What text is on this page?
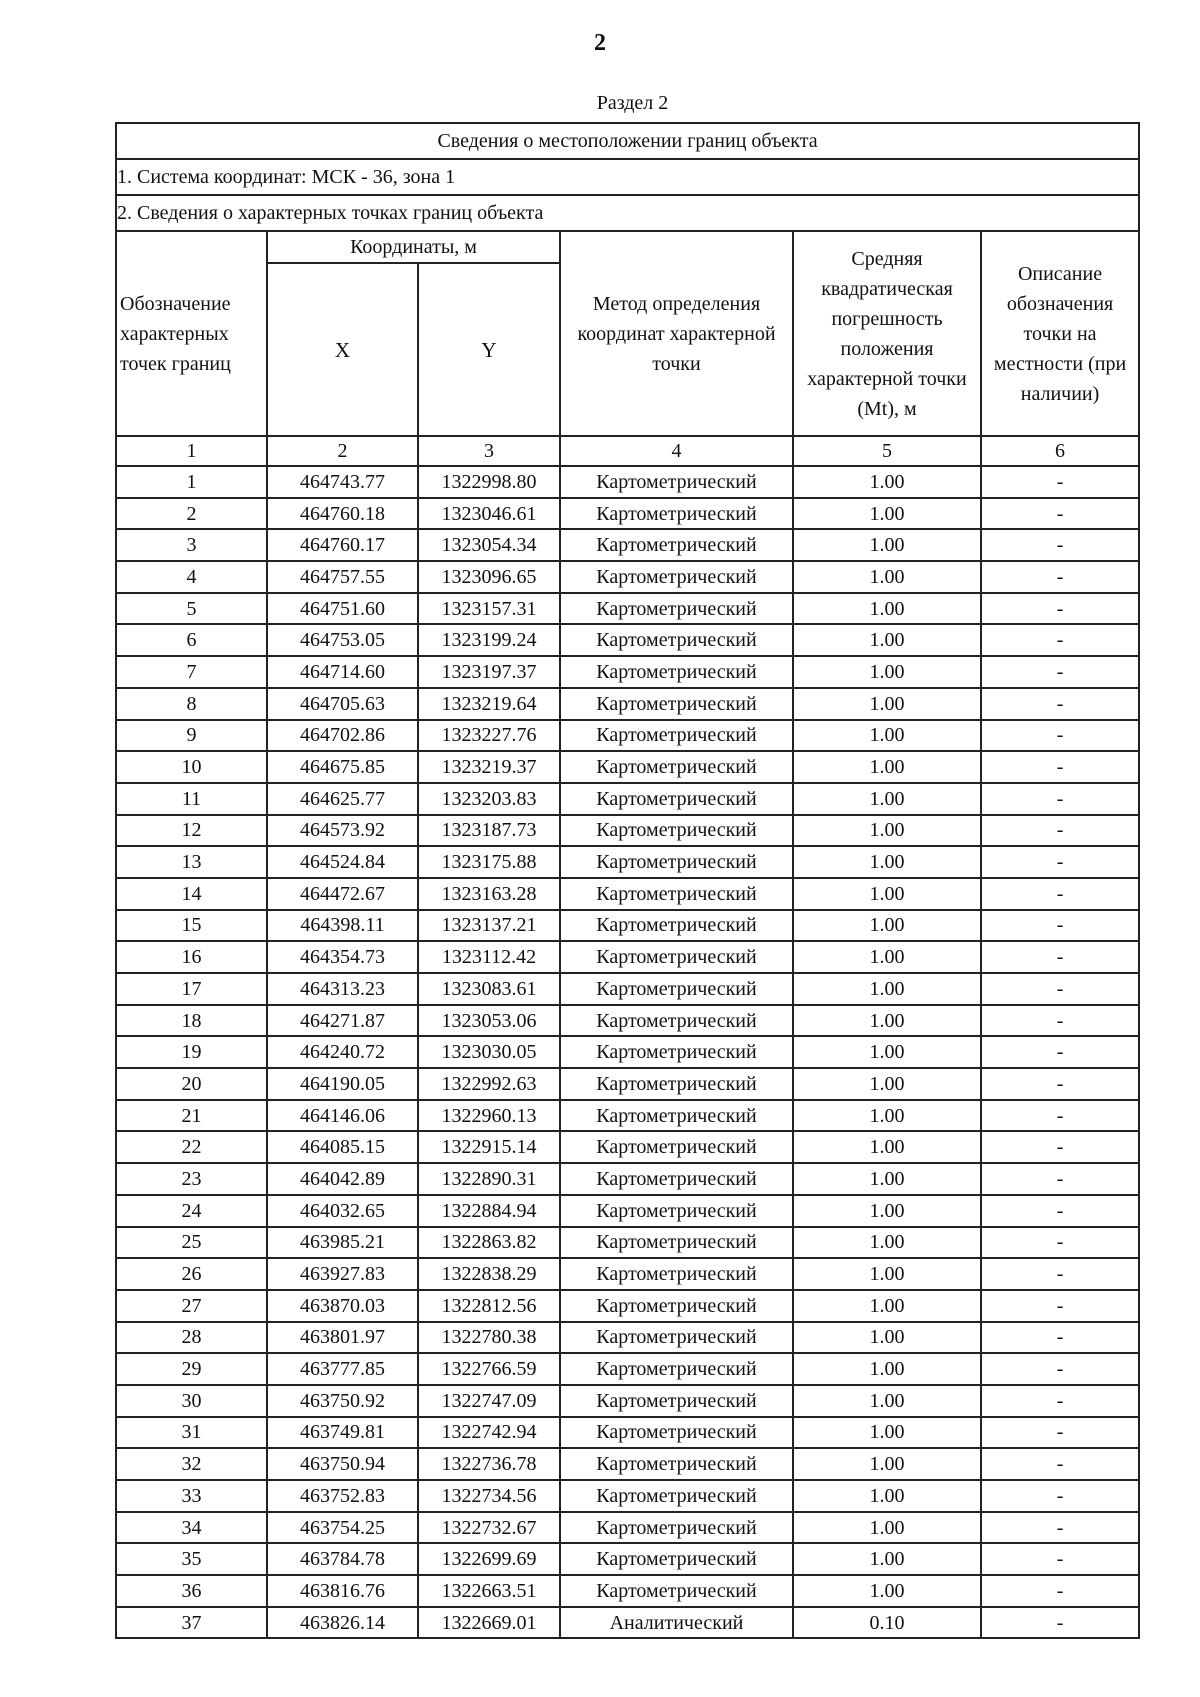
2
Раздел 2
Сведения о местоположении границ объекта					
1. Система координат: МСК - 36, зона 1					
2. Сведения о характерных точках границ объекта					
Обозначение характерных точек границ	Координаты, м		Метод определения координат характерной точки	Средняя квадратическая погрешность положения характерной точки (Mt), м	Описание обозначения точки на местности (при наличии)
	X	Y			
1	2	3	4	5	6
1	464743.77	1322998.80	Картометрический	1.00	-
2	464760.18	1323046.61	Картометрический	1.00	-
3	464760.17	1323054.34	Картометрический	1.00	-
4	464757.55	1323096.65	Картометрический	1.00	-
5	464751.60	1323157.31	Картометрический	1.00	-
6	464753.05	1323199.24	Картометрический	1.00	-
7	464714.60	1323197.37	Картометрический	1.00	-
8	464705.63	1323219.64	Картометрический	1.00	-
9	464702.86	1323227.76	Картометрический	1.00	-
10	464675.85	1323219.37	Картометрический	1.00	-
11	464625.77	1323203.83	Картометрический	1.00	-
12	464573.92	1323187.73	Картометрический	1.00	-
13	464524.84	1323175.88	Картометрический	1.00	-
14	464472.67	1323163.28	Картометрический	1.00	-
15	464398.11	1323137.21	Картометрический	1.00	-
16	464354.73	1323112.42	Картометрический	1.00	-
17	464313.23	1323083.61	Картометрический	1.00	-
18	464271.87	1323053.06	Картометрический	1.00	-
19	464240.72	1323030.05	Картометрический	1.00	-
20	464190.05	1322992.63	Картометрический	1.00	-
21	464146.06	1322960.13	Картометрический	1.00	-
22	464085.15	1322915.14	Картометрический	1.00	-
23	464042.89	1322890.31	Картометрический	1.00	-
24	464032.65	1322884.94	Картометрический	1.00	-
25	463985.21	1322863.82	Картометрический	1.00	-
26	463927.83	1322838.29	Картометрический	1.00	-
27	463870.03	1322812.56	Картометрический	1.00	-
28	463801.97	1322780.38	Картометрический	1.00	-
29	463777.85	1322766.59	Картометрический	1.00	-
30	463750.92	1322747.09	Картометрический	1.00	-
31	463749.81	1322742.94	Картометрический	1.00	-
32	463750.94	1322736.78	Картометрический	1.00	-
33	463752.83	1322734.56	Картометрический	1.00	-
34	463754.25	1322732.67	Картометрический	1.00	-
35	463784.78	1322699.69	Картометрический	1.00	-
36	463816.76	1322663.51	Картометрический	1.00	-
37	463826.14	1322669.01	Аналитический	0.10	-
